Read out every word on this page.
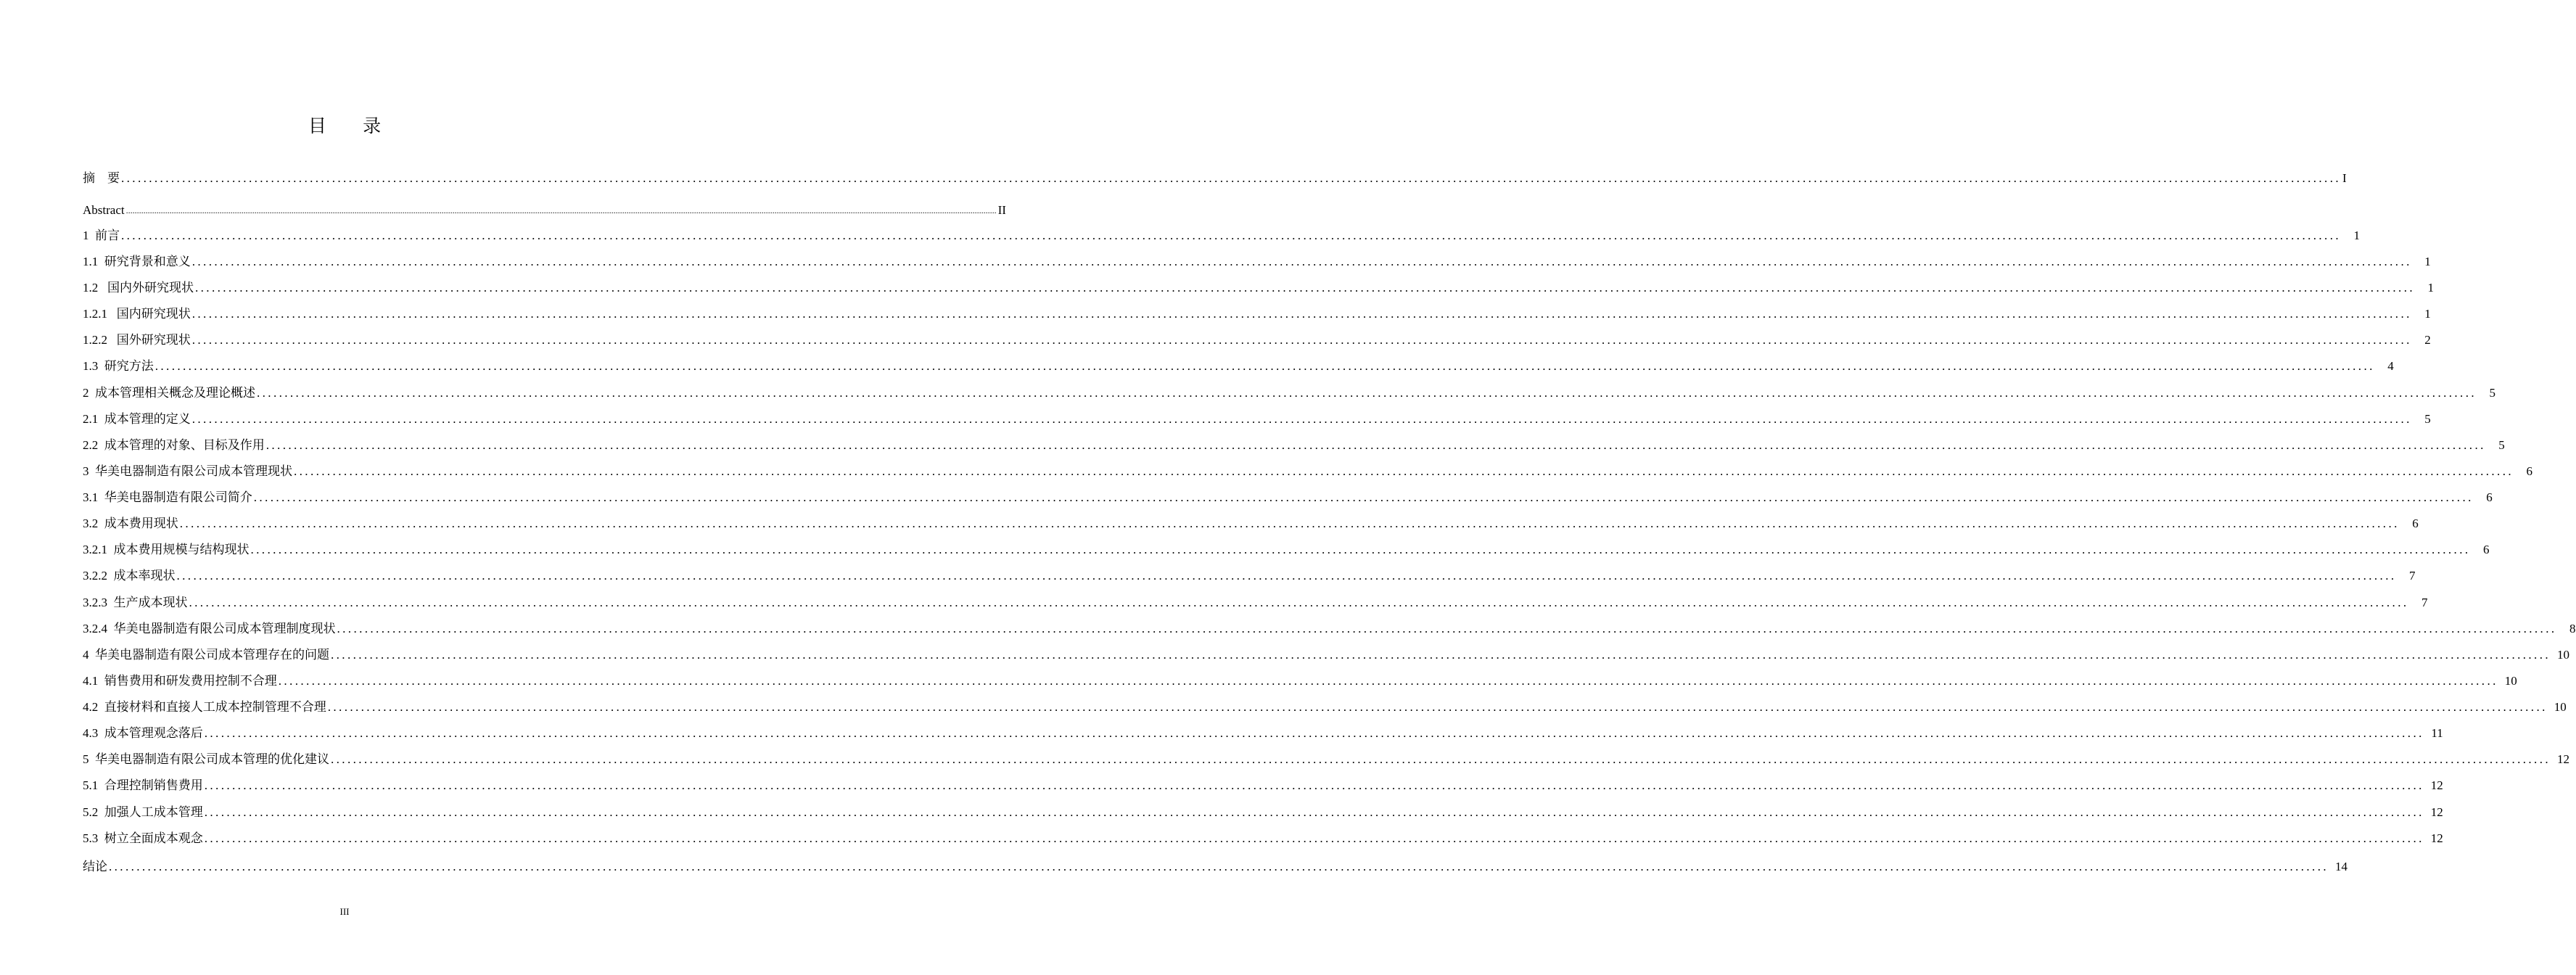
目 录
摘    要 ................................................................................................................................................................................................................................................................................................................................................................................................................ I
Abstract ................................................................................................................................................................................................................................................................................................................................................................................................................ II
1  前言 ................................................................................................................................................................................................................................................................................................................................................................................................................	1
1.1  研究背景和意义 ................................................................................................................................................................................................................................................................................................................................................................................................................	1
1.2   国内外研究现状 ................................................................................................................................................................................................................................................................................................................................................................................................................	1
1.2.1   国内研究现状 ................................................................................................................................................................................................................................................................................................................................................................................................................	1
1.2.2   国外研究现状 ................................................................................................................................................................................................................................................................................................................................................................................................................	2
1.3  研究方法 ................................................................................................................................................................................................................................................................................................................................................................................................................	4
2  成本管理相关概念及理论概述 ................................................................................................................................................................................................................................................................................................................................................................................................................	5
2.1  成本管理的定义 ................................................................................................................................................................................................................................................................................................................................................................................................................	5
2.2  成本管理的对象、目标及作用 ................................................................................................................................................................................................................................................................................................................................................................................................................	5
3  华美电器制造有限公司成本管理现状 ................................................................................................................................................................................................................................................................................................................................................................................................................	6
3.1  华美电器制造有限公司简介 ................................................................................................................................................................................................................................................................................................................................................................................................................	6
3.2  成本费用现状 ................................................................................................................................................................................................................................................................................................................................................................................................................	6
3.2.1  成本费用规模与结构现状 ................................................................................................................................................................................................................................................................................................................................................................................................................	6
3.2.2  成本率现状 ................................................................................................................................................................................................................................................................................................................................................................................................................	7
3.2.3  生产成本现状 ................................................................................................................................................................................................................................................................................................................................................................................................................	7
3.2.4  华美电器制造有限公司成本管理制度现状 ................................................................................................................................................................................................................................................................................................................................................................................................................	8
4  华美电器制造有限公司成本管理存在的问题 ................................................................................................................................................................................................................................................................................................................................................................................................................ 10
4.1  销售费用和研发费用控制不合理 ................................................................................................................................................................................................................................................................................................................................................................................................................ 10
4.2  直接材料和直接人工成本控制管理不合理 ................................................................................................................................................................................................................................................................................................................................................................................................................ 10
4.3  成本管理观念落后 ................................................................................................................................................................................................................................................................................................................................................................................................................ 11
5  华美电器制造有限公司成本管理的优化建议 ................................................................................................................................................................................................................................................................................................................................................................................................................ 12
5.1  合理控制销售费用 ................................................................................................................................................................................................................................................................................................................................................................................................................ 12
5.2  加强人工成本管理 ................................................................................................................................................................................................................................................................................................................................................................................................................ 12
5.3  树立全面成本观念 ................................................................................................................................................................................................................................................................................................................................................................................................................ 12
结论 ................................................................................................................................................................................................................................................................................................................................................................................................................ 14
III
